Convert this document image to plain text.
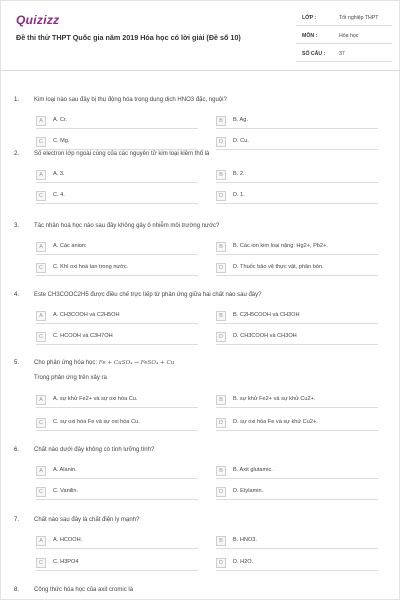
Quizizz
Đề thi thử THPT Quốc gia năm 2019 Hóa học có lời giải (Đề số 10)
LỚP :	Tốt nghiệp THPT
MÔN :	Hóa học
SỐ CÂU :	37
1. Kim loại nào sau đây bị thụ động hóa trong dung dịch HNO3 đặc, nguội?
A	A. Cr.	B	B. Ag.
C	C. Mg.	D	D. Cu.
2. Số electron lớp ngoài cùng của các nguyên tử kim loại kiềm thổ là
A	A. 3.	B	B. 2.
C	C. 4.	D	D. 1.
3. Tác nhân hoá học nào sau đây không gây ô nhiễm môi trường nước?
A	A. Các anion:	B	B. Các ion kim loại nặng: Hg2+, Pb2+.
C	C. Khí oxi hoà tan trong nước.	D	D. Thuốc bảo vệ thực vật, phân bón.
4. Este CH3COOC2H5 được điều chế trực tiếp từ phản ứng giữa hai chất nào sau đây?
A	A. CH3COOH và C2H5OH	B	B. C2H5COOH và CH3OH
C	C. HCOOH và C3H7OH	D	D. CH3COOH và CH3OH
5. Cho phản ứng hóa học: Fe + CuSO₄ → FeSO₄ + Cu
Trong phản ứng trên xảy ra
A	A. sự khử Fe2+ và sự oxi hóa Cu.	B	B. sự khử Fe2+ và sự khử Cu2+.
C	C. sự oxi hóa Fe và sự oxi hóa Cu.	D	D. sự oxi hóa Fe và sự khử Cu2+.
6. Chất nào dưới đây không có tính lưỡng tính?
A	A. Alanin.	B	B. Axit glutamic.
C	C. Vanilin.	D	D. Etylamin.
7. Chất nào sau đây là chất điện ly mạnh?
A	A. HCOOH.	B	B. HNO3.
C	C. H3PO4	D	D. H2O.
8. Công thức hóa học của axit cromic là
